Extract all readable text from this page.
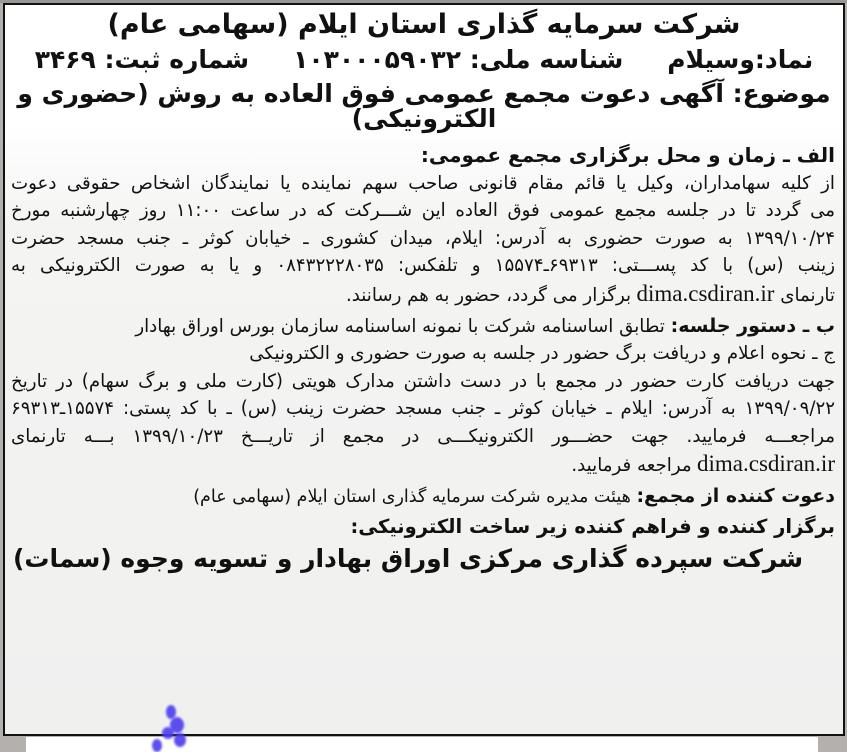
شرکت سرمایه گذاری استان ایلام (سهامی عام)
نماد:وسیلام
شناسه ملی: ۱۰۳۰۰۰۵۹۰۳۲
شماره ثبت: ۳۴۶۹
موضوع: آگهی دعوت مجمع عمومی فوق العاده به روش (حضوری و الکترونیکی)
الف ـ زمان و محل برگزاری مجمع عمومی:
از کلیه سهامداران، وکیل یا قائم مقام قانونی صاحب سهم نماینده یا نمایندگان اشخاص حقوقی دعوت
می گردد تا در جلسه مجمع عمومی فوق العاده این شـــرکت که در ساعت ۱۱:۰۰ روز چهارشنبه مورخ
۱۳۹۹/۱۰/۲۴ به صورت حضوری به آدرس: ایلام، میدان کشوری ـ خیابان کوثر ـ جنب مسجد حضرت
زینب (س) با کد پســـتی: ۶۹۳۱۳ـ۱۵۵۷۴ و تلفکس: ۰۸۴۳۲۲۲۸۰۳۵ و یا به صورت الکترونیکی به
تارنمای dima.csdiran.ir برگزار می گردد، حضور به هم رسانند.
ب ـ دستور جلسه: تطابق اساسنامه شرکت با نمونه اساسنامه سازمان بورس اوراق بهادار
ج ـ نحوه اعلام و دریافت برگ حضور در جلسه به صورت حضوری و الکترونیکی
جهت دریافت کارت حضور در مجمع با در دست داشتن مدارک هویتی (کارت ملی و برگ سهام) در تاریخ
۱۳۹۹/۰۹/۲۲ به آدرس: ایلام ـ خیابان کوثر ـ جنب مسجد حضرت زینب (س) ـ با کد پستی: ۱۵۵۷۴ـ۶۹۳۱۳
مراجعـــه فرمایید. جهت حضـــور الکترونیکـــی در مجمع از تاریـــخ ۱۳۹۹/۱۰/۲۳ بـــه تارنمای
dima.csdiran.ir مراجعه فرمایید.
دعوت کننده از مجمع: هیئت مدیره شرکت سرمایه گذاری استان ایلام (سهامی عام)
برگزار کننده و فراهم کننده زیر ساخت الکترونیکی:
شرکت سپرده گذاری مرکزی اوراق بهادار و تسویه وجوه (سمات)
